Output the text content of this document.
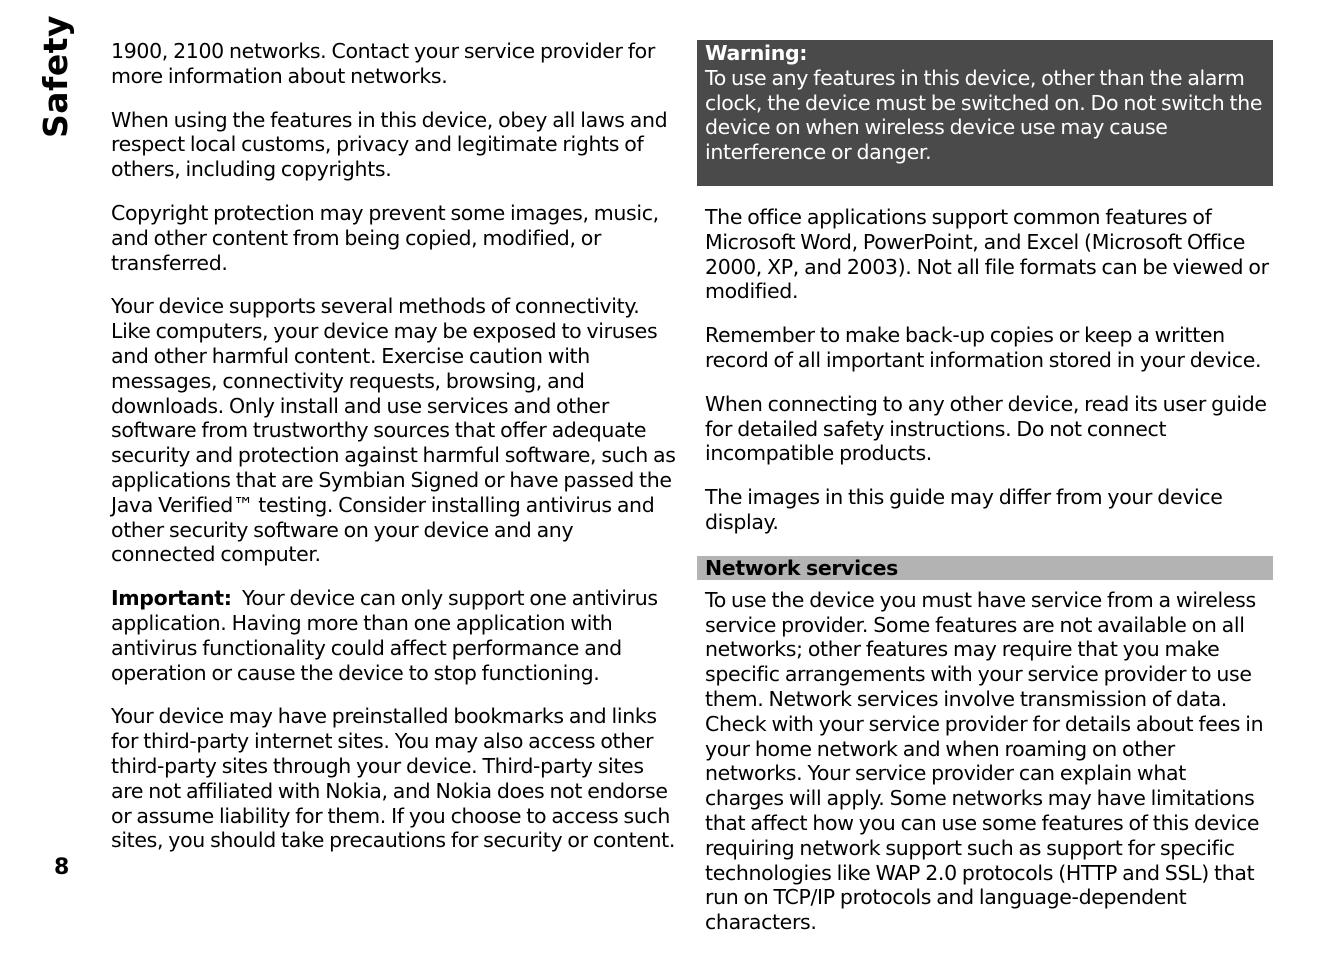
Safety
8

1900, 2100 networks. Contact your service provider for more information about networks.

When using the features in this device, obey all laws and respect local customs, privacy and legitimate rights of others, including copyrights.

Copyright protection may prevent some images, music, and other content from being copied, modified, or transferred.

Your device supports several methods of connectivity. Like computers, your device may be exposed to viruses and other harmful content. Exercise caution with messages, connectivity requests, browsing, and downloads. Only install and use services and other software from trustworthy sources that offer adequate security and protection against harmful software, such as applications that are Symbian Signed or have passed the Java Verified™ testing. Consider installing antivirus and other security software on your device and any connected computer.

Important: Your device can only support one antivirus application. Having more than one application with antivirus functionality could affect performance and operation or cause the device to stop functioning.

Your device may have preinstalled bookmarks and links for third-party internet sites. You may also access other third-party sites through your device. Third-party sites are not affiliated with Nokia, and Nokia does not endorse or assume liability for them. If you choose to access such sites, you should take precautions for security or content.

Warning:
To use any features in this device, other than the alarm clock, the device must be switched on. Do not switch the device on when wireless device use may cause interference or danger.

The office applications support common features of Microsoft Word, PowerPoint, and Excel (Microsoft Office 2000, XP, and 2003). Not all file formats can be viewed or modified.

Remember to make back-up copies or keep a written record of all important information stored in your device.

When connecting to any other device, read its user guide for detailed safety instructions. Do not connect incompatible products.

The images in this guide may differ from your device display.

Network services

To use the device you must have service from a wireless service provider. Some features are not available on all networks; other features may require that you make specific arrangements with your service provider to use them. Network services involve transmission of data. Check with your service provider for details about fees in your home network and when roaming on other networks. Your service provider can explain what charges will apply. Some networks may have limitations that affect how you can use some features of this device requiring network support such as support for specific technologies like WAP 2.0 protocols (HTTP and SSL) that run on TCP/IP protocols and language-dependent characters.
